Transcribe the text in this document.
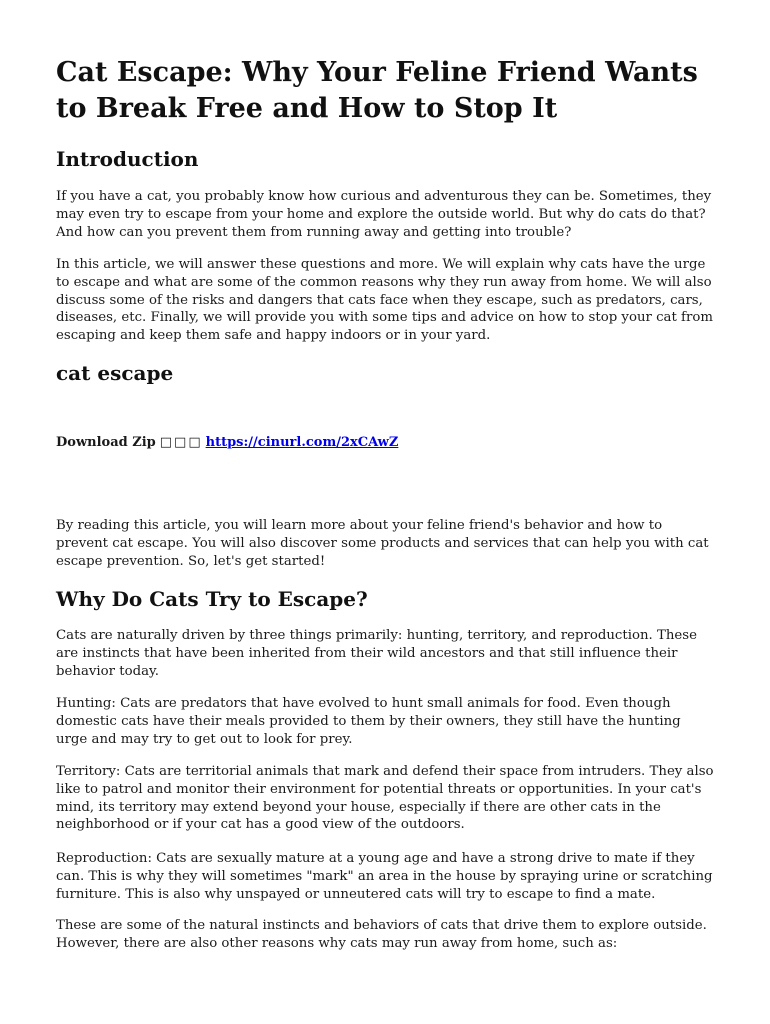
Cat Escape: Why Your Feline Friend Wants to Break Free and How to Stop It
Introduction

If you have a cat, you probably know how curious and adventurous they can be. Sometimes, they may even try to escape from your home and explore the outside world. But why do cats do that? And how can you prevent them from running away and getting into trouble?

In this article, we will answer these questions and more. We will explain why cats have the urge to escape and what are some of the common reasons why they run away from home. We will also discuss some of the risks and dangers that cats face when they escape, such as predators, cars, diseases, etc. Finally, we will provide you with some tips and advice on how to stop your cat from escaping and keep them safe and happy indoors or in your yard.

cat escape

Download Zip □□□ https://cinurl.com/2xCAwZ

By reading this article, you will learn more about your feline friend's behavior and how to prevent cat escape. You will also discover some products and services that can help you with cat escape prevention. So, let's get started!

Why Do Cats Try to Escape?

Cats are naturally driven by three things primarily: hunting, territory, and reproduction. These are instincts that have been inherited from their wild ancestors and that still influence their behavior today.

Hunting: Cats are predators that have evolved to hunt small animals for food. Even though domestic cats have their meals provided to them by their owners, they still have the hunting urge and may try to get out to look for prey.

Territory: Cats are territorial animals that mark and defend their space from intruders. They also like to patrol and monitor their environment for potential threats or opportunities. In your cat's mind, its territory may extend beyond your house, especially if there are other cats in the neighborhood or if your cat has a good view of the outdoors.

Reproduction: Cats are sexually mature at a young age and have a strong drive to mate if they can. This is why they will sometimes "mark" an area in the house by spraying urine or scratching furniture. This is also why unspayed or unneutered cats will try to escape to find a mate.

These are some of the natural instincts and behaviors of cats that drive them to explore outside. However, there are also other reasons why cats may run away from home, such as:
